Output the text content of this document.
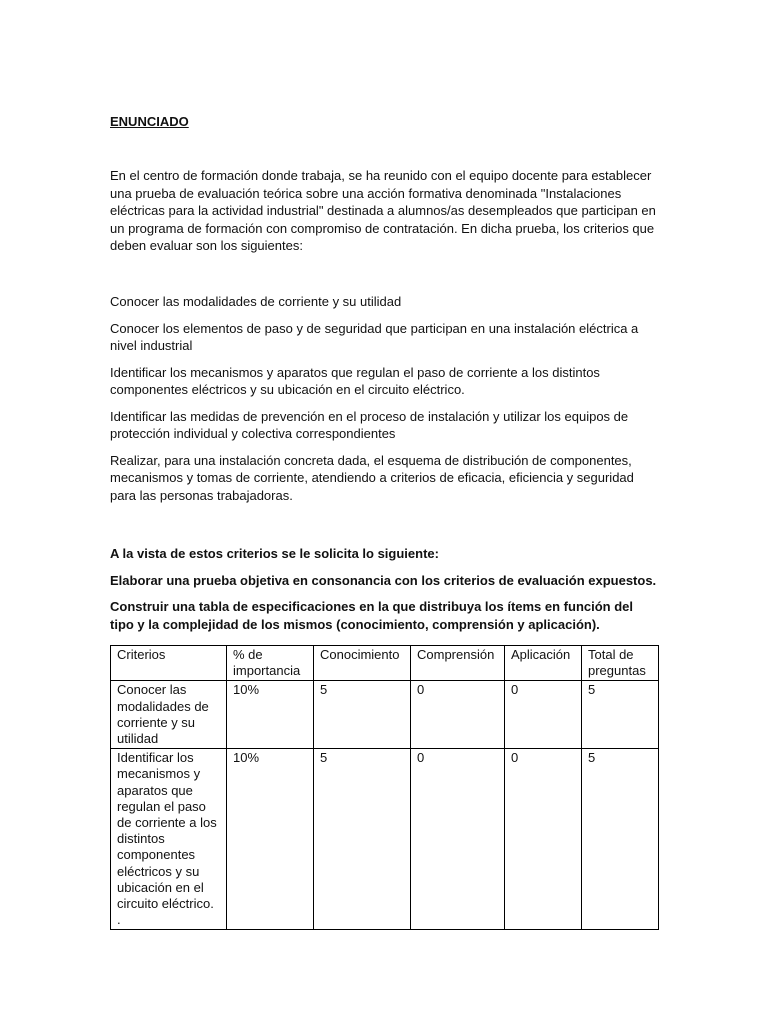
ENUNCIADO

En el centro de formación donde trabaja, se ha reunido con el equipo docente para establecer una prueba de evaluación teórica sobre una acción formativa denominada "Instalaciones eléctricas para la actividad industrial" destinada a alumnos/as desempleados que participan en un programa de formación con compromiso de contratación. En dicha prueba, los criterios que deben evaluar son los siguientes:

Conocer las modalidades de corriente y su utilidad
Conocer los elementos de paso y de seguridad que participan en una instalación eléctrica a nivel industrial
Identificar los mecanismos y aparatos que regulan el paso de corriente a los distintos componentes eléctricos y su ubicación en el circuito eléctrico.
Identificar las medidas de prevención en el proceso de instalación y utilizar los equipos de protección individual y colectiva correspondientes
Realizar, para una instalación concreta dada, el esquema de distribución de componentes, mecanismos y tomas de corriente, atendiendo a criterios de eficacia, eficiencia y seguridad para las personas trabajadoras.
A la vista de estos criterios se le solicita lo siguiente:
Elaborar una prueba objetiva en consonancia con los criterios de evaluación expuestos.
Construir una tabla de especificaciones en la que distribuya los ítems en función del tipo y la complejidad de los mismos (conocimiento, comprensión y aplicación).
Criterios	% de importancia	Conocimiento	Comprensión	Aplicación	Total de preguntas
Conocer las modalidades de corriente y su utilidad	10%	5	0	0	5
Identificar los mecanismos y aparatos que regulan el paso de corriente a los distintos componentes eléctricos y su ubicación en el circuito eléctrico. .	10%	5	0	0	5
